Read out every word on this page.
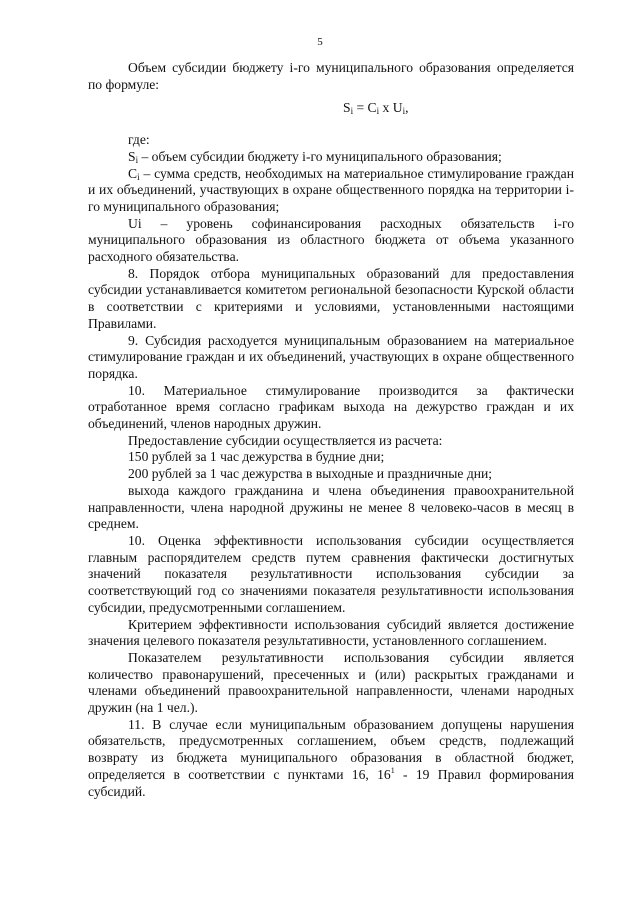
5

Объем субсидии бюджету i-го муниципального образования определяется по формуле:

$S_i = C_i$ x $U_i$,

где:

$S_i$ – объем субсидии бюджету i-го муниципального образования;

$C_i$ – сумма средств, необходимых на материальное стимулирование граждан и их объединений, участвующих в охране общественного порядка на территории i-го муниципального образования;

Ui – уровень софинансирования расходных обязательств i-го муниципального образования из областного бюджета от объема указанного расходного обязательства.

8. Порядок отбора муниципальных образований для предоставления субсидии устанавливается комитетом региональной безопасности Курской области в соответствии с критериями и условиями, установленными настоящими Правилами.

9. Субсидия расходуется муниципальным образованием на материальное стимулирование граждан и их объединений, участвующих в охране общественного порядка.

10. Материальное стимулирование производится за фактически отработанное время согласно графикам выхода на дежурство граждан и их объединений, членов народных дружин.

Предоставление субсидии осуществляется из расчета:

150 рублей за 1 час дежурства в будние дни;

200 рублей за 1 час дежурства в выходные и праздничные дни;

выхода каждого гражданина и члена объединения правоохранительной направленности, члена народной дружины не менее 8 человеко-часов в месяц в среднем.

10. Оценка эффективности использования субсидии осуществляется главным распорядителем средств путем сравнения фактически достигнутых значений показателя результативности использования субсидии за соответствующий год со значениями показателя результативности использования субсидии, предусмотренными соглашением.

Критерием эффективности использования субсидий является достижение значения целевого показателя результативности, установленного соглашением.

Показателем результативности использования субсидии является количество правонарушений, пресеченных и (или) раскрытых гражданами и членами объединений правоохранительной направленности, членами народных дружин (на 1 чел.).

11. В случае если муниципальным образованием допущены нарушения обязательств, предусмотренных соглашением, объем средств, подлежащий возврату из бюджета муниципального образования в областной бюджет, определяется в соответствии с пунктами 16, $16^1 - 19$ Правил формирования субсидий.
